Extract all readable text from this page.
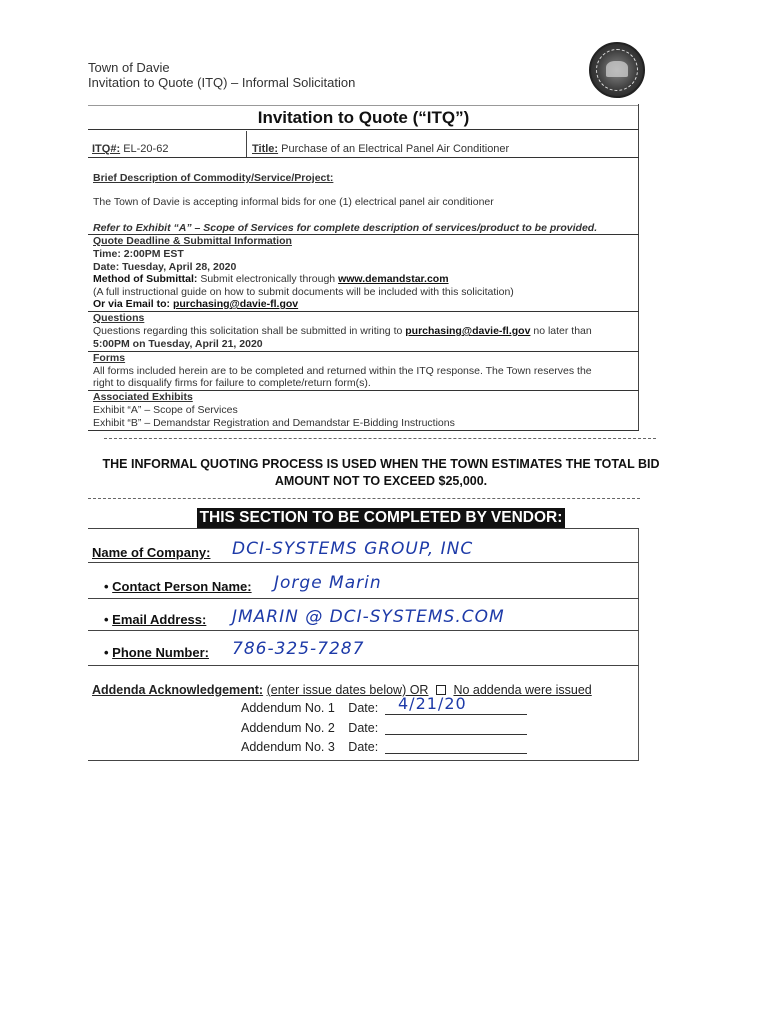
Town of Davie
Invitation to Quote (ITQ) – Informal Solicitation
Invitation to Quote (“ITQ”)
ITQ#: EL-20-62	Title: Purchase of an Electrical Panel Air Conditioner
Brief Description of Commodity/Service/Project:
The Town of Davie is accepting informal bids for one (1) electrical panel air conditioner
Refer to Exhibit “A” – Scope of Services for complete description of services/product to be provided.
Quote Deadline & Submittal Information
Time: 2:00PM EST
Date: Tuesday, April 28, 2020
Method of Submittal: Submit electronically through www.demandstar.com
(A full instructional guide on how to submit documents will be included with this solicitation)
Or via Email to: purchasing@davie-fl.gov
Questions
Questions regarding this solicitation shall be submitted in writing to purchasing@davie-fl.gov no later than
5:00PM on Tuesday, April 21, 2020
Forms
All forms included herein are to be completed and returned within the ITQ response. The Town reserves the
right to disqualify firms for failure to complete/return form(s).
Associated Exhibits
Exhibit “A” – Scope of Services
Exhibit “B” – Demandstar Registration and Demandstar E-Bidding Instructions
THE INFORMAL QUOTING PROCESS IS USED WHEN THE TOWN ESTIMATES THE TOTAL BID
AMOUNT NOT TO EXCEED $25,000.
THIS SECTION TO BE COMPLETED BY VENDOR:
Name of Company: DCI-SYSTEMS GROUP, INC
• Contact Person Name: Jorge Marin
• Email Address: JMARIN @ DCI-SYSTEMS.COM
• Phone Number: 786-325-7287
Addenda Acknowledgement: (enter issue dates below) OR No addenda were issued
Addendum No. 1 Date: 4/21/20
Addendum No. 2 Date:
Addendum No. 3 Date:
